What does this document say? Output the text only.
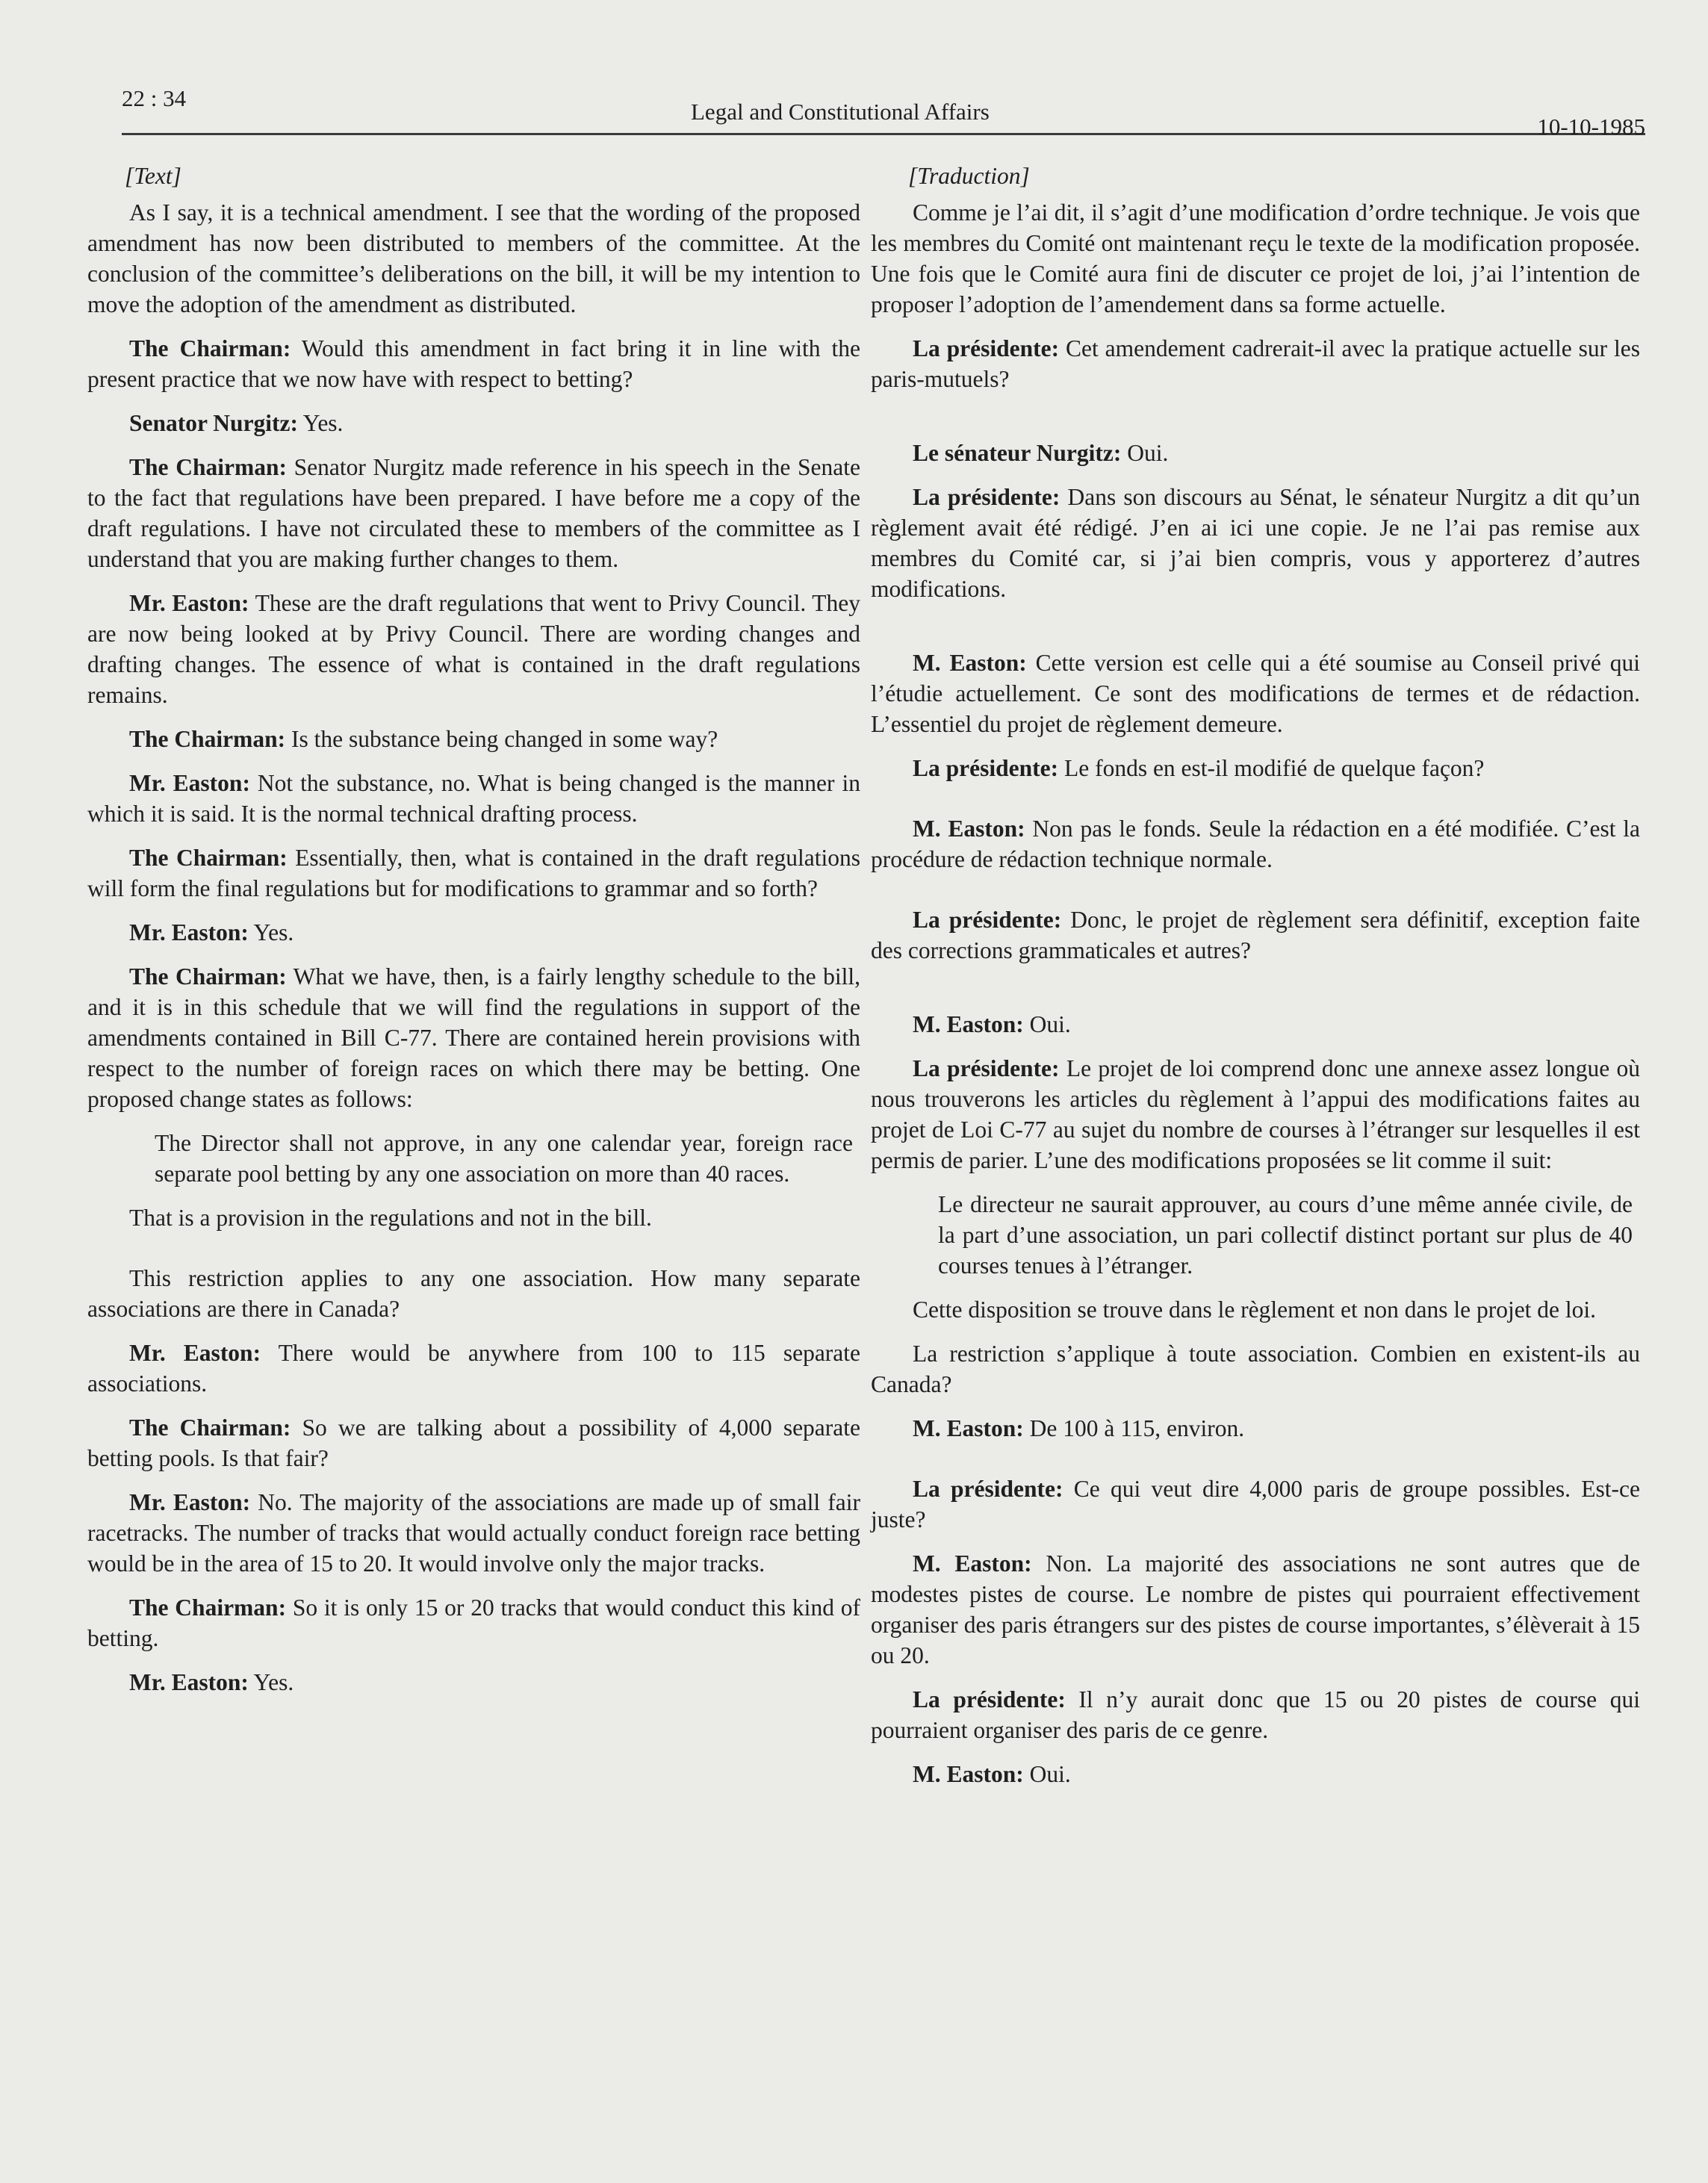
22 : 34
Legal and Constitutional Affairs
10-10-1985

[Text]

As I say, it is a technical amendment. I see that the wording of the proposed amendment has now been distributed to members of the committee. At the conclusion of the committee’s deliberations on the bill, it will be my intention to move the adoption of the amendment as distributed.

The Chairman: Would this amendment in fact bring it in line with the present practice that we now have with respect to betting?

Senator Nurgitz: Yes.

The Chairman: Senator Nurgitz made reference in his speech in the Senate to the fact that regulations have been prepared. I have before me a copy of the draft regulations. I have not circulated these to members of the committee as I understand that you are making further changes to them.

Mr. Easton: These are the draft regulations that went to Privy Council. They are now being looked at by Privy Council. There are wording changes and drafting changes. The essence of what is contained in the draft regulations remains.

The Chairman: Is the substance being changed in some way?

Mr. Easton: Not the substance, no. What is being changed is the manner in which it is said. It is the normal technical drafting process.

The Chairman: Essentially, then, what is contained in the draft regulations will form the final regulations but for modifications to grammar and so forth?

Mr. Easton: Yes.

The Chairman: What we have, then, is a fairly lengthy schedule to the bill, and it is in this schedule that we will find the regulations in support of the amendments contained in Bill C-77. There are contained herein provisions with respect to the number of foreign races on which there may be betting. One proposed change states as follows:

The Director shall not approve, in any one calendar year, foreign race separate pool betting by any one association on more than 40 races.

That is a provision in the regulations and not in the bill.

This restriction applies to any one association. How many separate associations are there in Canada?

Mr. Easton: There would be anywhere from 100 to 115 separate associations.

The Chairman: So we are talking about a possibility of 4,000 separate betting pools. Is that fair?

Mr. Easton: No. The majority of the associations are made up of small fair racetracks. The number of tracks that would actually conduct foreign race betting would be in the area of 15 to 20. It would involve only the major tracks.

The Chairman: So it is only 15 or 20 tracks that would conduct this kind of betting.

Mr. Easton: Yes.

[Traduction]

Comme je l’ai dit, il s’agit d’une modification d’ordre technique. Je vois que les membres du Comité ont maintenant reçu le texte de la modification proposée. Une fois que le Comité aura fini de discuter ce projet de loi, j’ai l’intention de proposer l’adoption de l’amendement dans sa forme actuelle.

La présidente: Cet amendement cadrerait-il avec la pratique actuelle sur les paris-mutuels?

Le sénateur Nurgitz: Oui.

La présidente: Dans son discours au Sénat, le sénateur Nurgitz a dit qu’un règlement avait été rédigé. J’en ai ici une copie. Je ne l’ai pas remise aux membres du Comité car, si j’ai bien compris, vous y apporterez d’autres modifications.

M. Easton: Cette version est celle qui a été soumise au Conseil privé qui l’étudie actuellement. Ce sont des modifications de termes et de rédaction. L’essentiel du projet de règlement demeure.

La présidente: Le fonds en est-il modifié de quelque façon?

M. Easton: Non pas le fonds. Seule la rédaction en a été modifiée. C’est la procédure de rédaction technique normale.

La présidente: Donc, le projet de règlement sera définitif, exception faite des corrections grammaticales et autres?

M. Easton: Oui.

La présidente: Le projet de loi comprend donc une annexe assez longue où nous trouverons les articles du règlement à l’appui des modifications faites au projet de Loi C-77 au sujet du nombre de courses à l’étranger sur lesquelles il est permis de parier. L’une des modifications proposées se lit comme il suit:

Le directeur ne saurait approuver, au cours d’une même année civile, de la part d’une association, un pari collectif distinct portant sur plus de 40 courses tenues à l’étranger.

Cette disposition se trouve dans le règlement et non dans le projet de loi.

La restriction s’applique à toute association. Combien en existent-ils au Canada?

M. Easton: De 100 à 115, environ.

La présidente: Ce qui veut dire 4,000 paris de groupe possibles. Est-ce juste?

M. Easton: Non. La majorité des associations ne sont autres que de modestes pistes de course. Le nombre de pistes qui pourraient effectivement organiser des paris étrangers sur des pistes de course importantes, s’élèverait à 15 ou 20.

La présidente: Il n’y aurait donc que 15 ou 20 pistes de course qui pourraient organiser des paris de ce genre.

M. Easton: Oui.
